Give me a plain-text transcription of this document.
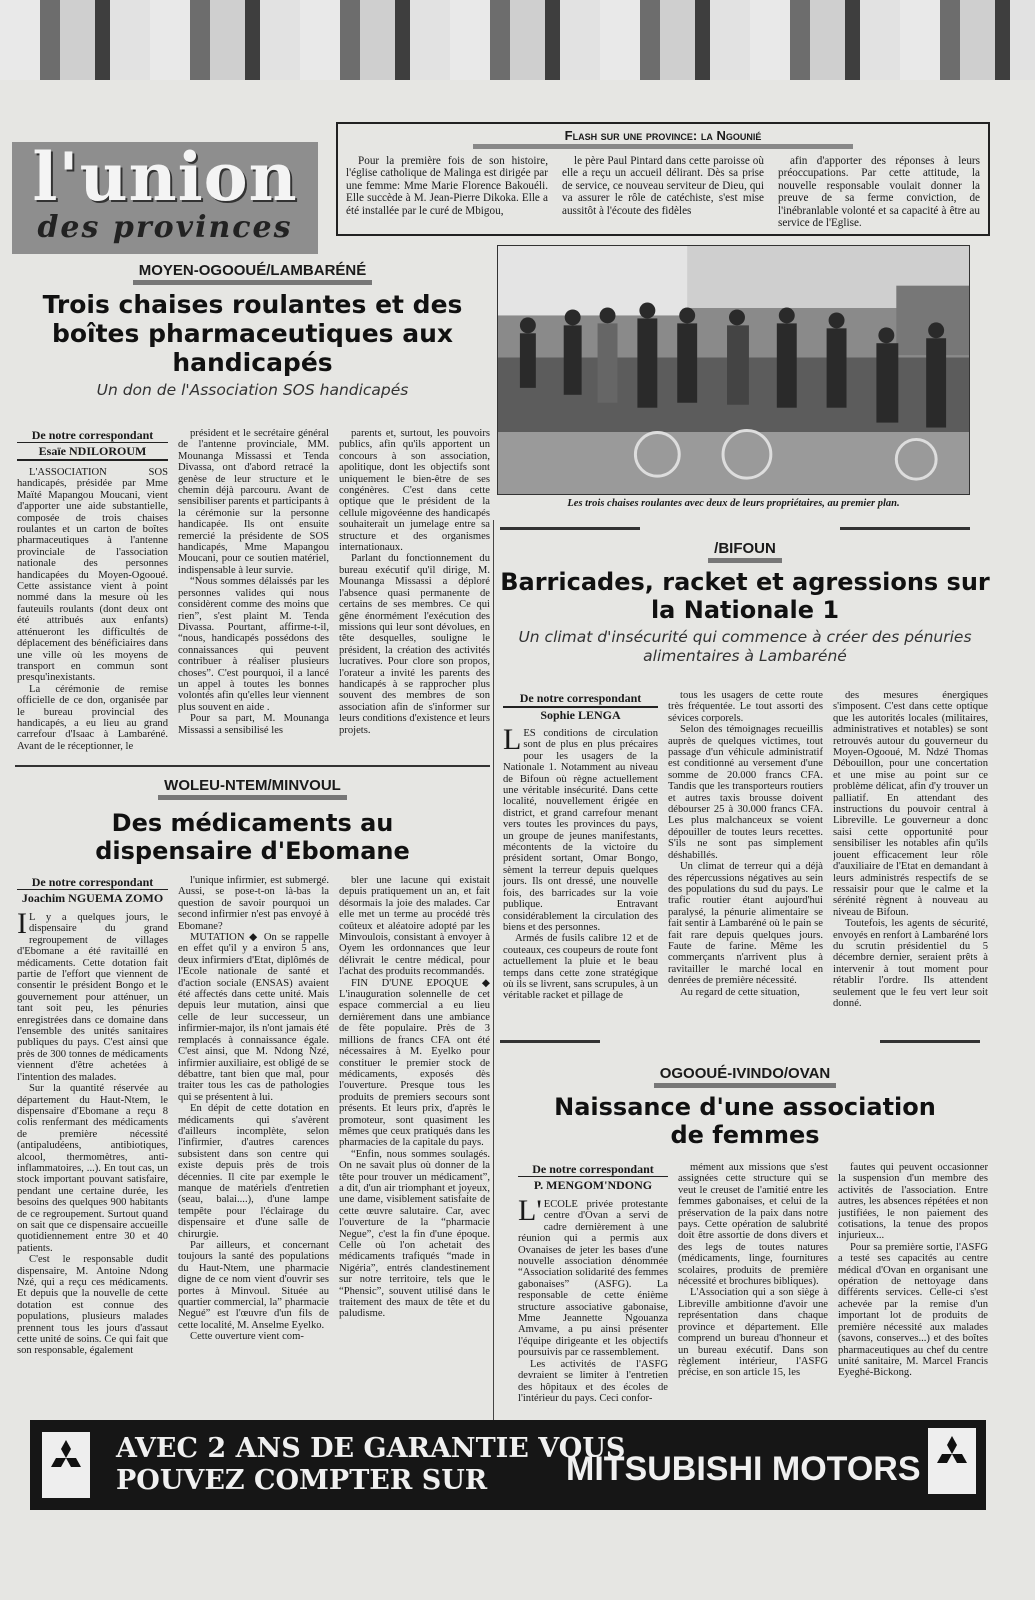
l'union
des provinces
Flash sur une province: la Ngounié

Pour la première fois de son histoire, l'église catholique de Malinga est dirigée par une femme: Mme Marie Florence Bakouéli. Elle succède à M. Jean-Pierre Dikoka. Elle a été installée par le curé de Mbigou,

le père Paul Pintard dans cette paroisse où elle a reçu un accueil délirant. Dès sa prise de service, ce nouveau serviteur de Dieu, qui va assurer le rôle de catéchiste, s'est mise aussitôt à l'écoute des fidèles

afin d'apporter des réponses à leurs préoccupations. Par cette attitude, la nouvelle responsable voulait donner la preuve de sa ferme conviction, de l'inébranlable volonté et sa capacité à être au service de l'Eglise.

MOYEN-OGOOUÉ/LAMBARÉNÉ
Trois chaises roulantes et des boîtes pharmaceutiques aux handicapés
Un don de l'Association SOS handicapés
De notre correspondant
Esaïe NDILOROUM

L'ASSOCIATION SOS handicapés, présidée par Mme Maïté Mapangou Moucani, vient d'apporter une aide substantielle, composée de trois chaises roulantes et un carton de boîtes pharmaceutiques à l'antenne provinciale de l'association nationale des personnes handicapées du Moyen-Ogooué. Cette assistance vient à point nommé dans la mesure où les fauteuils roulants (dont deux ont été attribués aux enfants) atténueront les difficultés de déplacement des bénéficiaires dans une ville où les moyens de transport en commun sont presqu'inexistants.

La cérémonie de remise officielle de ce don, organisée par le bureau provincial des handicapés, a eu lieu au grand carrefour d'Isaac à Lambaréné. Avant de le réceptionner, le

président et le secrétaire général de l'antenne provinciale, MM. Mounanga Missassi et Tenda Divassa, ont d'abord retracé la genèse de leur structure et le chemin déjà parcouru. Avant de sensibiliser parents et participants à la cérémonie sur la personne handicapée. Ils ont ensuite remercié la présidente de SOS handicapés, Mme Mapangou Moucani, pour ce soutien matériel, indispensable à leur survie.

“Nous sommes délaissés par les personnes valides qui nous considèrent comme des moins que rien”, s'est plaint M. Tenda Divassa. Pourtant, affirme-t-il, “nous, handicapés possédons des connaissances qui peuvent contribuer à réaliser plusieurs choses”. C'est pourquoi, il a lancé un appel à toutes les bonnes volontés afin qu'elles leur viennent plus souvent en aide .

Pour sa part, M. Mounanga Missassi a sensibilisé les

parents et, surtout, les pouvoirs publics, afin qu'ils apportent un concours à son association, apolitique, dont les objectifs sont uniquement le bien-être de ses congénères. C'est dans cette optique que le président de la cellule migovéenne des handicapés souhaiterait un jumelage entre sa structure et des organismes internationaux.

Parlant du fonctionnement du bureau exécutif qu'il dirige, M. Mounanga Missassi a déploré l'absence quasi permanente de certains de ses membres. Ce qui gêne énormément l'exécution des missions qui leur sont dévolues, en tête desquelles, souligne le président, la création des activités lucratives. Pour clore son propos, l'orateur a invité les parents des handicapés à se rapprocher plus souvent des membres de son association afin de s'informer sur leurs conditions d'existence et leurs projets.

Les trois chaises roulantes avec deux de leurs propriétaires, au premier plan.
/BIFOUN
Barricades, racket et agressions sur la Nationale 1
Un climat d'insécurité qui commence à créer des pénuries alimentaires à Lambaréné
De notre correspondant
Sophie LENGA

LES conditions de circulation sont de plus en plus précaires pour les usagers de la Nationale 1. Notamment au niveau de Bifoun où règne actuellement une véritable insécurité. Dans cette localité, nouvellement érigée en district, et grand carrefour menant vers toutes les provinces du pays, un groupe de jeunes manifestants, mécontents de la victoire du président sortant, Omar Bongo, sèment la terreur depuis quelques jours. Ils ont dressé, une nouvelle fois, des barricades sur la voie publique. Entravant considérablement la circulation des biens et des personnes.

Armés de fusils calibre 12 et de couteaux, ces coupeurs de route font actuellement la pluie et le beau temps dans cette zone stratégique où ils se livrent, sans scrupules, à un véritable racket et pillage de

tous les usagers de cette route très fréquentée. Le tout assorti des sévices corporels.

Selon des témoignages recueillis auprès de quelques victimes, tout passage d'un véhicule administratif est conditionné au versement d'une somme de 20.000 francs CFA. Tandis que les transporteurs routiers et autres taxis brousse doivent débourser 25 à 30.000 francs CFA. Les plus malchanceux se voient dépouiller de toutes leurs recettes. S'ils ne sont pas simplement déshabillés.

Un climat de terreur qui a déjà des répercussions négatives au sein des populations du sud du pays. Le trafic routier étant aujourd'hui paralysé, la pénurie alimentaire se fait sentir à Lambaréné où le pain se fait rare depuis quelques jours. Faute de farine. Même les commerçants n'arrivent plus à ravitailler le marché local en denrées de première nécessité.

Au regard de cette situation,

des mesures énergiques s'imposent. C'est dans cette optique que les autorités locales (militaires, administratives et notables) se sont retrouvés autour du gouverneur du Moyen-Ogooué, M. Ndzé Thomas Débouillon, pour une concertation et une mise au point sur ce problème délicat, afin d'y trouver un palliatif. En attendant des instructions du pouvoir central à Libreville. Le gouverneur a donc saisi cette opportunité pour sensibiliser les notables afin qu'ils jouent efficacement leur rôle d'auxiliaire de l'Etat en demandant à leurs administrés respectifs de se ressaisir pour que le calme et la sérénité règnent à nouveau au niveau de Bifoun.

Toutefois, les agents de sécurité, envoyés en renfort à Lambaréné lors du scrutin présidentiel du 5 décembre dernier, seraient prêts à intervenir à tout moment pour rétablir l'ordre. Ils attendent seulement que le feu vert leur soit donné.

WOLEU-NTEM/MINVOUL
Des médicaments au dispensaire d'Ebomane
De notre correspondant
Joachim NGUEMA ZOMO

IL y a quelques jours, le dispensaire du grand regroupement de villages d'Ebomane a été ravitaillé en médicaments. Cette dotation fait partie de l'effort que viennent de consentir le président Bongo et le gouvernement pour atténuer, un tant soit peu, les pénuries enregistrées dans ce domaine dans l'ensemble des unités sanitaires publiques du pays. C'est ainsi que près de 300 tonnes de médicaments viennent d'être achetées à l'intention des malades.

Sur la quantité réservée au département du Haut-Ntem, le dispensaire d'Ebomane a reçu 8 colis renfermant des médicaments de première nécessité (antipaludéens, antibiotiques, alcool, thermomètres, anti-inflammatoires, ...). En tout cas, un stock important pouvant satisfaire, pendant une certaine durée, les besoins des quelques 900 habitants de ce regroupement. Surtout quand on sait que ce dispensaire accueille quotidiennement entre 30 et 40 patients.

C'est le responsable dudit dispensaire, M. Antoine Ndong Nzé, qui a reçu ces médicaments. Et depuis que la nouvelle de cette dotation est connue des populations, plusieurs malades prennent tous les jours d'assaut cette unité de soins. Ce qui fait que son responsable, également

l'unique infirmier, est submergé. Aussi, se pose-t-on là-bas la question de savoir pourquoi un second infirmier n'est pas envoyé à Ebomane?

MUTATION ◆ On se rappelle en effet qu'il y a environ 5 ans, deux infirmiers d'Etat, diplômés de l'Ecole nationale de santé et d'action sociale (ENSAS) avaient été affectés dans cette unité. Mais depuis leur mutation, ainsi que celle de leur successeur, un infirmier-major, ils n'ont jamais été remplacés à connaissance égale. C'est ainsi, que M. Ndong Nzé, infirmier auxiliaire, est obligé de se débattre, tant bien que mal, pour traiter tous les cas de pathologies qui se présentent à lui.

En dépit de cette dotation en médicaments qui s'avèrent d'ailleurs incomplète, selon l'infirmier, d'autres carences subsistent dans son centre qui existe depuis près de trois décennies. Il cite par exemple le manque de matériels d'entretien (seau, balai....), d'une lampe tempête pour l'éclairage du dispensaire et d'une salle de chirurgie.

Par ailleurs, et concernant toujours la santé des populations du Haut-Ntem, une pharmacie digne de ce nom vient d'ouvrir ses portes à Minvoul. Située au quartier commercial, la” pharmacie Negué” est l'œuvre d'un fils de cette localité, M. Anselme Eyelko.

Cette ouverture vient com-

bler une lacune qui existait depuis pratiquement un an, et fait désormais la joie des malades. Car elle met un terme au procédé très coûteux et aléatoire adopté par les Minvoulois, consistant à envoyer à Oyem les ordonnances que leur délivrait le centre médical, pour l'achat des produits recommandés.

FIN D'UNE EPOQUE ◆ L'inauguration solennelle de cet espace commercial a eu lieu dernièrement dans une ambiance de fête populaire. Près de 3 millions de francs CFA ont été nécessaires à M. Eyelko pour constituer le premier stock de médicaments, exposés dès l'ouverture. Presque tous les produits de premiers secours sont présents. Et leurs prix, d'après le promoteur, sont quasiment les mêmes que ceux pratiqués dans les pharmacies de la capitale du pays.

“Enfin, nous sommes soulagés. On ne savait plus où donner de la tête pour trouver un médicament”, a dit, d'un air triomphant et joyeux, une dame, visiblement satisfaite de cette œuvre salutaire. Car, avec l'ouverture de la “pharmacie Negue”, c'est la fin d'une époque. Celle où l'on achetait des médicaments trafiqués “made in Nigéria”, entrés clandestinement sur notre territoire, tels que le “Phensic”, souvent utilisé dans le traitement des maux de tête et du paludisme.

OGOOUÉ-IVINDO/OVAN
Naissance d'une association de femmes
De notre correspondant
P. MENGOM'NDONG

L'ECOLE privée protestante centre d'Ovan a servi de cadre dernièrement à une réunion qui a permis aux Ovanaises de jeter les bases d'une nouvelle association dénommée “Association solidarité des femmes gabonaises” (ASFG). La responsable de cette énième structure associative gabonaise, Mme Jeannette Ngouanza Amvame, a pu ainsi présenter l'équipe dirigeante et les objectifs poursuivis par ce rassemblement.

Les activités de l'ASFG devraient se limiter à l'entretien des hôpitaux et des écoles de l'intérieur du pays. Ceci confor-

mément aux missions que s'est assignées cette structure qui se veut le creuset de l'amitié entre les femmes gabonaises, et celui de la préservation de la paix dans notre pays. Cette opération de salubrité doit être assortie de dons divers et des legs de toutes natures (médicaments, linge, fournitures scolaires, produits de première nécessité et brochures bibliques).

L'Association qui a son siège à Libreville ambitionne d'avoir une représentation dans chaque province et département. Elle comprend un bureau d'honneur et un bureau exécutif. Dans son règlement intérieur, l'ASFG précise, en son article 15, les

fautes qui peuvent occasionner la suspension d'un membre des activités de l'association. Entre autres, les absences répétées et non justifiées, le non paiement des cotisations, la tenue des propos injurieux...

Pour sa première sortie, l'ASFG a testé ses capacités au centre médical d'Ovan en organisant une opération de nettoyage dans différents services. Celle-ci s'est achevée par la remise d'un important lot de produits de première nécessité aux malades (savons, conserves...) et des boîtes pharmaceutiques au chef du centre unité sanitaire, M. Marcel Francis Eyeghé-Bickong.

AVEC 2 ANS DE GARANTIE VOUS
POUVEZ COMPTER SUR MITSUBISHI MOTORS
